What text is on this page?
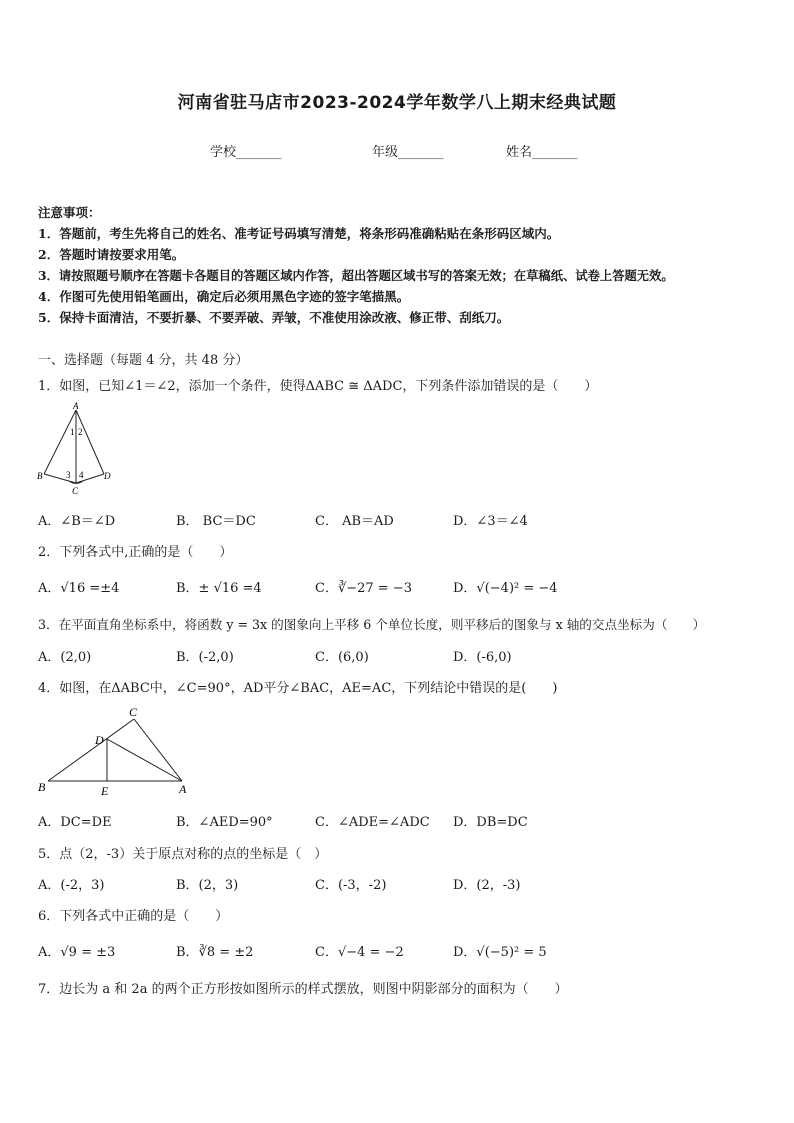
河南省驻马店市2023-2024学年数学八上期末经典试题
学校_______	年级_______	姓名_______
注意事项：
1．答题前，考生先将自己的姓名、准考证号码填写清楚，将条形码准确粘贴在条形码区域内。
2．答题时请按要求用笔。
3．请按照题号顺序在答题卡各题目的答题区域内作答，超出答题区域书写的答案无效；在草稿纸、试卷上答题无效。
4．作图可先使用铅笔画出，确定后必须用黑色字迹的签字笔描黑。
5．保持卡面清洁，不要折暴、不要弄破、弄皱，不准使用涂改液、修正带、刮纸刀。
一、选择题（每题 4 分，共 48 分）
1．如图，已知∠1＝∠2，添加一个条件，使得ΔABC ≅ ΔADC，下列条件添加错误的是（　　）
A
1 2
B	3 4 D
C
A．∠B＝∠D	B． BC＝DC	C． AB＝AD	D．∠3＝∠4
2．下列各式中,正确的是（　　）
A．√16 =±4	B．± √16 =4	C．∛−27 = −3	D．√(−4)² = −4
3．在平面直角坐标系中，将函数 y = 3x 的图象向上平移 6 个单位长度，则平移后的图象与 x 轴的交点坐标为（　　）
A．(2,0)	B．(-2,0)	C．(6,0)	D．(-6,0)
4．如图，在ΔABC中，∠C=90°，AD平分∠BAC，AE=AC，下列结论中错误的是(　　)
C
D
B	E	A
A．DC=DE	B．∠AED=90°	C．∠ADE=∠ADC D．DB=DC
5．点（2，-3）关于原点对称的点的坐标是（　）
A．(-2，3)	B．(2，3)	C．(-3，-2)	D．(2，-3)
6．下列各式中正确的是（　　）
A．√9 = ±3	B．∛8 = ±2	C．√−4 = −2	D．√(−5)² = 5
7．边长为 a 和 2a 的两个正方形按如图所示的样式摆放，则图中阴影部分的面积为（　　）
